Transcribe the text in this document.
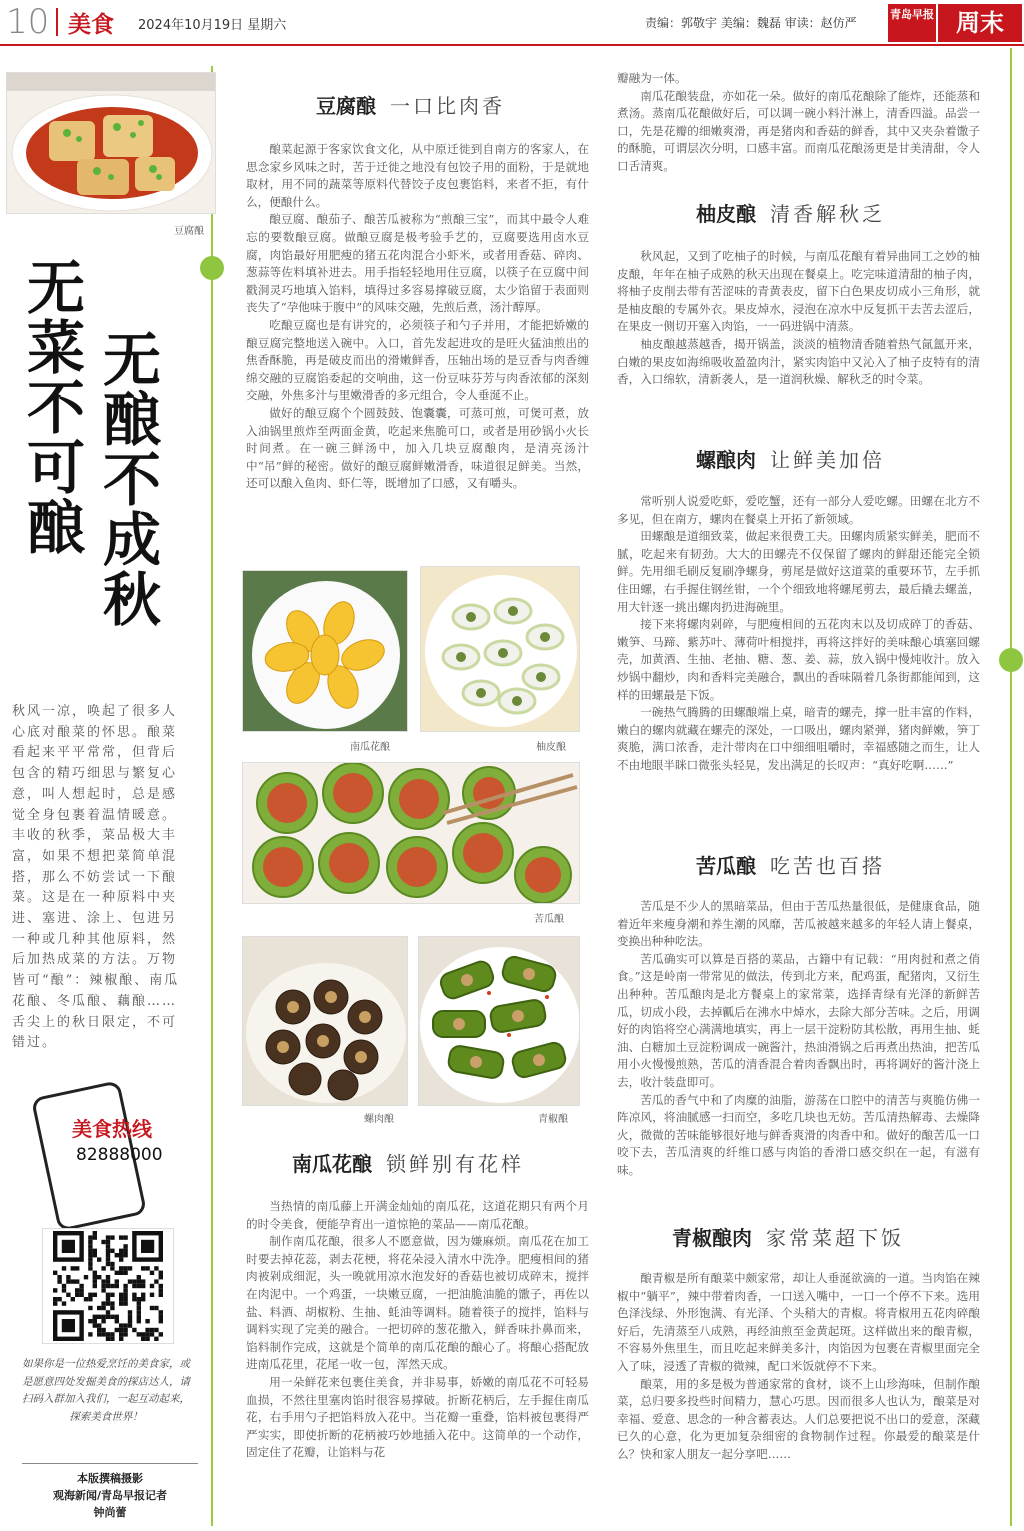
10 美食 2024年10月19日 星期六	责编：郭敬宇 美编：魏磊 审读：赵仿严
青岛早报 周末
豆腐酿
无菜不可酿
无酿不成秋
秋风一凉，唤起了很多人心底对酿菜的怀思。酿菜看起来平平常常，但背后包含的精巧细思与繁复心意，叫人想起时，总是感觉全身包裹着温情暖意。丰收的秋季，菜品极大丰富，如果不想把菜简单混搭，那么不妨尝试一下酿菜。这是在一种原料中夹进、塞进、涂上、包进另一种或几种其他原料，然后加热成菜的方法。万物皆可“酿”：辣椒酿、南瓜花酿、冬瓜酿、藕酿……舌尖上的秋日限定，不可错过。
美食热线
82888000
如果你是一位热爱烹饪的美食家，或是愿意四处发掘美食的探店达人，请扫码入群加入我们，一起互动起来，探索美食世界！
本版撰稿摄影
观海新闻/青岛早报记者
钟尚蕾
豆腐酿 一口比肉香

酿菜起源于客家饮食文化，从中原迁徙到自南方的客家人，在思念家乡风味之时，苦于迁徙之地没有包饺子用的面粉，于是就地取材，用不同的蔬菜等原料代替饺子皮包裹馅料，来者不拒，有什么，便酿什么。

酿豆腐、酿茄子、酿苦瓜被称为“煎酿三宝”，而其中最令人难忘的要数酿豆腐。做酿豆腐是极考验手艺的，豆腐要选用卤水豆腐，肉馅最好用肥瘦的猪五花肉混合小虾米，或者用香菇、碎肉、葱蒜等佐料填补进去。用手指轻轻地用住豆腐，以筷子在豆腐中间戳洞灵巧地填入馅料，填得过多容易撑破豆腐，太少馅留于表面则丧失了“孕他味于腹中”的风味交融，先煎后煮，汤汁醇厚。

吃酿豆腐也是有讲究的，必须筷子和勺子并用，才能把娇嫩的酿豆腐完整地送入碗中。入口，首先发起进攻的是旺火猛油煎出的焦香酥脆，再是破皮而出的滑嫩鲜香，压轴出场的是豆香与肉香缠绵交融的豆腐馅委起的交响曲，这一份豆味芬芳与肉香浓郁的深刻交融，外焦多汁与里嫩滑香的多元组合，令人垂涎不止。

做好的酿豆腐个个圆鼓鼓、饱囊囊，可蒸可煎，可煲可煮，放入油锅里煎炸至两面金黄，吃起来焦脆可口，或者是用砂锅小火长时间煮。在一碗三鲜汤中，加入几块豆腐酿肉，是清亮汤汁中“吊”鲜的秘密。做好的酿豆腐鲜嫩滑香，味道很足鲜美。当然，还可以酿入鱼肉、虾仁等，既增加了口感，又有嚼头。

南瓜花酿	柚皮酿
苦瓜酿
螺肉酿	青椒酿
南瓜花酿 锁鲜别有花样

当热情的南瓜藤上开满金灿灿的南瓜花，这道花期只有两个月的时令美食，便能孕育出一道惊艳的菜品——南瓜花酿。

制作南瓜花酿，很多人不愿意做，因为嫌麻烦。南瓜花在加工时要去掉花蕊，剥去花梗，将花朵浸入清水中洗净。肥瘦相间的猪肉被剁成细泥，头一晚就用凉水泡发好的香菇也被切成碎末，搅拌在肉泥中。一个鸡蛋，一块嫩豆腐，一把油脆油脆的馓子，再佐以盐、料酒、胡椒粉、生抽、蚝油等调料。随着筷子的搅拌，馅料与调料实现了完美的融合。一把切碎的葱花撒入，鲜香味扑鼻而来，馅料制作完成，这就是个简单的南瓜花酿的酿心了。将酿心搭配放进南瓜花里，花尾一收一包，浑然天成。

用一朵鲜花来包裹住美食，并非易事，娇嫩的南瓜花不可轻易血损，不然往里塞肉馅时很容易撑破。折断花柄后，左手握住南瓜花，右手用勺子把馅料放入花中。当花瓣一重叠，馅料被包裹得严严实实，即使折断的花柄被巧妙地插入花中。这简单的一个动作，固定住了花瓣，让馅料与花

瓣融为一体。

南瓜花酿装盘，亦如花一朵。做好的南瓜花酿除了能炸，还能蒸和煮汤。蒸南瓜花酿做好后，可以调一碗小料汁淋上，清香四溢。品尝一口，先是花瓣的细嫩爽滑，再是猪肉和香菇的鲜香，其中又夹杂着馓子的酥脆，可谓层次分明，口感丰富。而南瓜花酿汤更是甘美清甜，令人口舌清爽。

柚皮酿 清香解秋乏

秋风起，又到了吃柚子的时候，与南瓜花酿有着异曲同工之妙的柚皮酿，年年在柚子成熟的秋天出现在餐桌上。吃完味道清甜的柚子肉，将柚子皮削去带有苦涩味的青黄表皮，留下白色果皮切成小三角形，就是柚皮酿的专属外衣。果皮焯水，浸泡在凉水中反复抓干去苦去涩后，在果皮一侧切开塞入肉馅，一一码进锅中清蒸。

柚皮酿越蒸越香，揭开锅盖，淡淡的植物清香随着热气氤氲开来，白嫩的果皮如海绵吸收盈盈肉汁，紧实肉馅中又沁入了柚子皮特有的清香，入口绵软，清新袭人，是一道润秋燥、解秋乏的时令菜。

螺酿肉 让鲜美加倍

常听别人说爱吃虾，爱吃蟹，还有一部分人爱吃螺。田螺在北方不多见，但在南方，螺肉在餐桌上开拓了新领域。

田螺酿是道细致菜，做起来很费工夫。田螺肉质紧实鲜美，肥而不腻，吃起来有韧劲。大大的田螺壳不仅保留了螺肉的鲜甜还能完全锁鲜。先用细毛刷反复刷净螺身，剪尾是做好这道菜的重要环节，左手抓住田螺，右手握住钢丝钳，一个个细致地将螺尾剪去，最后撬去螺盖，用大针逐一挑出螺肉扔进海碗里。

接下来将螺肉剁碎，与肥瘦相间的五花肉末以及切成碎丁的香菇、嫩笋、马蹄、紫苏叶、薄荷叶相搅拌，再将这拌好的美味酿心填塞回螺壳，加黄酒、生抽、老抽、糖、葱、姜、蒜，放入锅中慢炖收汁。放入炒锅中翻炒，肉和香料完美融合，飘出的香味隔着几条街都能闻到，这样的田螺最是下饭。

一碗热气腾腾的田螺酿端上桌，暗青的螺壳，撑一肚丰富的作料，嫩白的螺肉就藏在螺壳的深处，一口吸出，螺肉紧弹，猪肉鲜嫩，笋丁爽脆，满口浓香，走汁带肉在口中细细咀嚼时，幸福感随之而生，让人不由地眼半眯口微张头轻晃，发出满足的长叹声：“真好吃啊……”

苦瓜酿 吃苦也百搭

苦瓜是不少人的黑暗菜品，但由于苦瓜热量很低，是健康食品，随着近年来瘦身潮和养生潮的风靡，苦瓜被越来越多的年轻人请上餐桌，变换出种种吃法。

苦瓜确实可以算是百搭的菜品，古籍中有记载：“用肉挝和煮之俏食。”这是岭南一带常见的做法，传到北方来，配鸡蛋，配猪肉，又衍生出种种。苦瓜酿肉是北方餐桌上的家常菜，选择青绿有光泽的新鲜苦瓜，切成小段，去掉瓤后在沸水中焯水，去除大部分苦味。之后，用调好的肉馅将空心满满地填实，再上一层干淀粉防其松散，再用生抽、蚝油、白糖加土豆淀粉调成一碗酱汁，热油滑锅之后再煮出热油，把苦瓜用小火慢慢煎熟，苦瓜的清香混合着肉香飘出时，再将调好的酱汁浇上去，收汁装盘即可。

苦瓜的香气中和了肉糜的油脂，游荡在口腔中的清苦与爽脆仿佛一阵凉风，将油腻感一扫而空，多吃几块也无妨。苦瓜清热解毒、去燥降火，微微的苦味能够很好地与鲜香爽滑的肉香中和。做好的酿苦瓜一口咬下去，苦瓜清爽的纤维口感与肉馅的香滑口感交织在一起，有滋有味。

青椒酿肉 家常菜超下饭

酿青椒是所有酿菜中颇家常，却让人垂涎欲滴的一道。当肉馅在辣椒中“躺平”，辣中带着肉香，一口送入嘴中，一口一个停不下来。选用色泽浅绿、外形饱满、有光泽、个头稍大的青椒。将青椒用五花肉碎酿好后，先清蒸至八成熟，再经油煎至金黄起斑。这样做出来的酿青椒，不容易外焦里生，而且吃起来鲜美多汁，肉馅因为包裹在青椒里面完全入了味，浸透了青椒的微辣，配口米饭就停不下来。

酿菜，用的多是极为普通家常的食材，谈不上山珍海味，但制作酿菜，总归要多投些时间精力，慧心巧思。因而很多人也认为，酿菜是对幸福、爱意、思念的一种含蓄表达。人们总要把说不出口的爱意，深藏已久的心意，化为更加复杂细密的食物制作过程。你最爱的酿菜是什么？快和家人朋友一起分享吧……
